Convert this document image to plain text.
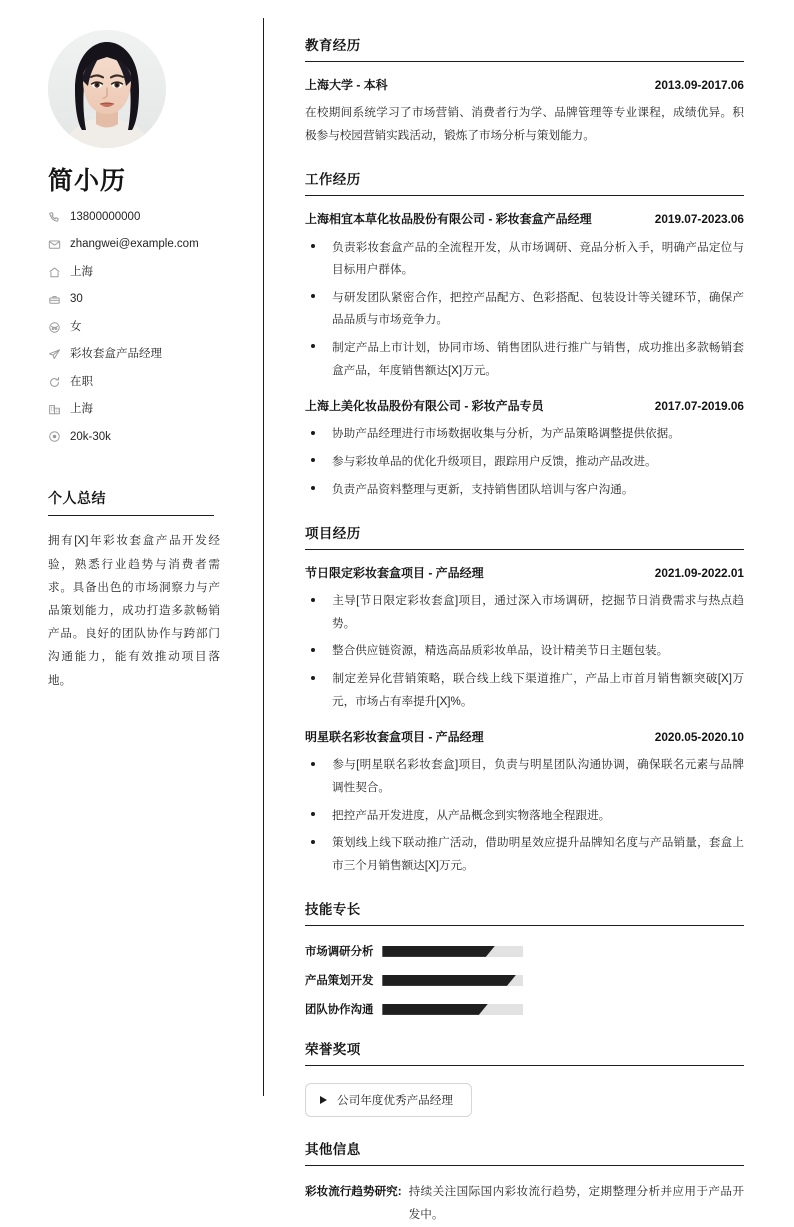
简小历
13800000000
zhangwei@example.com
上海
30
女
彩妆套盒产品经理
在职
上海
20k-30k
个人总结

拥有[X]年彩妆套盒产品开发经验，熟悉行业趋势与消费者需求。具备出色的市场洞察力与产品策划能力，成功打造多款畅销产品。良好的团队协作与跨部门沟通能力，能有效推动项目落地。

教育经历
上海大学 - 本科	2013.09-2017.06

在校期间系统学习了市场营销、消费者行为学、品牌管理等专业课程，成绩优异。积极参与校园营销实践活动，锻炼了市场分析与策划能力。

工作经历
上海相宜本草化妆品股份有限公司 - 彩妆套盒产品经理	2019.07-2023.06
负责彩妆套盒产品的全流程开发，从市场调研、竞品分析入手，明确产品定位与目标用户群体。
与研发团队紧密合作，把控产品配方、色彩搭配、包装设计等关键环节，确保产品品质与市场竞争力。
制定产品上市计划，协同市场、销售团队进行推广与销售，成功推出多款畅销套盒产品，年度销售额达[X]万元。
上海上美化妆品股份有限公司 - 彩妆产品专员	2017.07-2019.06
协助产品经理进行市场数据收集与分析，为产品策略调整提供依据。
参与彩妆单品的优化升级项目，跟踪用户反馈，推动产品改进。
负责产品资料整理与更新，支持销售团队培训与客户沟通。
项目经历
节日限定彩妆套盒项目 - 产品经理	2021.09-2022.01
主导[节日限定彩妆套盒]项目，通过深入市场调研，挖掘节日消费需求与热点趋势。
整合供应链资源，精选高品质彩妆单品，设计精美节日主题包装。
制定差异化营销策略，联合线上线下渠道推广，产品上市首月销售额突破[X]万元，市场占有率提升[X]%。
明星联名彩妆套盒项目 - 产品经理	2020.05-2020.10
参与[明星联名彩妆套盒]项目，负责与明星团队沟通协调，确保联名元素与品牌调性契合。
把控产品开发进度，从产品概念到实物落地全程跟进。
策划线上线下联动推广活动，借助明星效应提升品牌知名度与产品销量，套盒上市三个月销售额达[X]万元。
技能专长
市场调研分析
产品策划开发
团队协作沟通
荣誉奖项
公司年度优秀产品经理
其他信息
彩妆流行趋势研究: 持续关注国际国内彩妆流行趋势，定期整理分析并应用于产品开发中。
